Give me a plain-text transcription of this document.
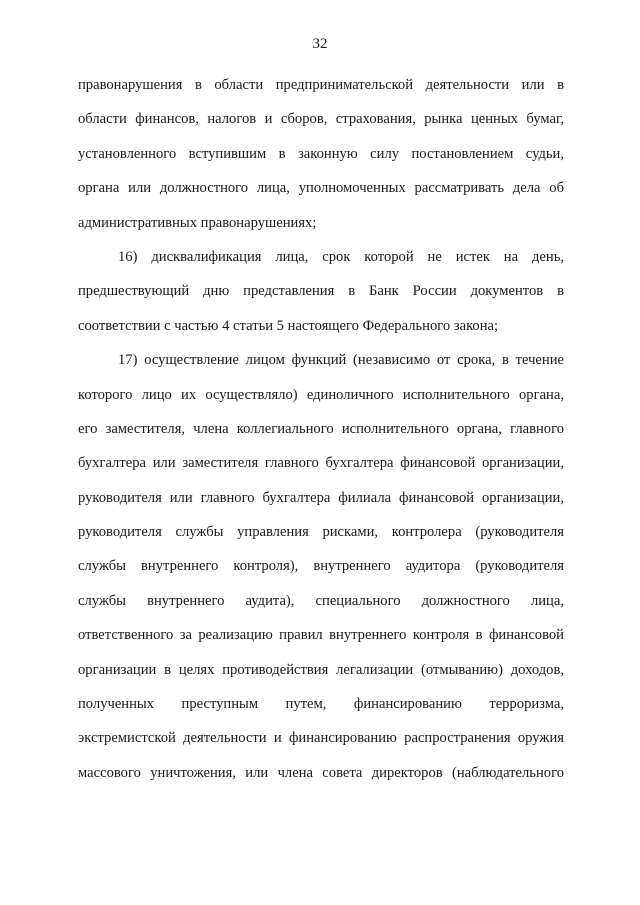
32
правонарушения в области предпринимательской деятельности или в
области финансов, налогов и сборов, страхования, рынка ценных бумаг,
установленного вступившим в законную силу постановлением судьи,
органа или должностного лица, уполномоченных рассматривать дела об
административных правонарушениях;
16) дисквалификация лица, срок которой не истек на день,
предшествующий дню представления в Банк России документов в
соответствии с частью 4 статьи 5 настоящего Федерального закона;
17) осуществление лицом функций (независимо от срока, в течение
которого лицо их осуществляло) единоличного исполнительного органа,
его заместителя, члена коллегиального исполнительного органа, главного
бухгалтера или заместителя главного бухгалтера финансовой организации,
руководителя или главного бухгалтера филиала финансовой организации,
руководителя службы управления рисками, контролера (руководителя
службы внутреннего контроля), внутреннего аудитора (руководителя
службы внутреннего аудита), специального должностного лица,
ответственного за реализацию правил внутреннего контроля в финансовой
организации в целях противодействия легализации (отмыванию) доходов,
полученных преступным путем, финансированию терроризма,
экстремистской деятельности и финансированию распространения оружия
массового уничтожения, или члена совета директоров (наблюдательного
